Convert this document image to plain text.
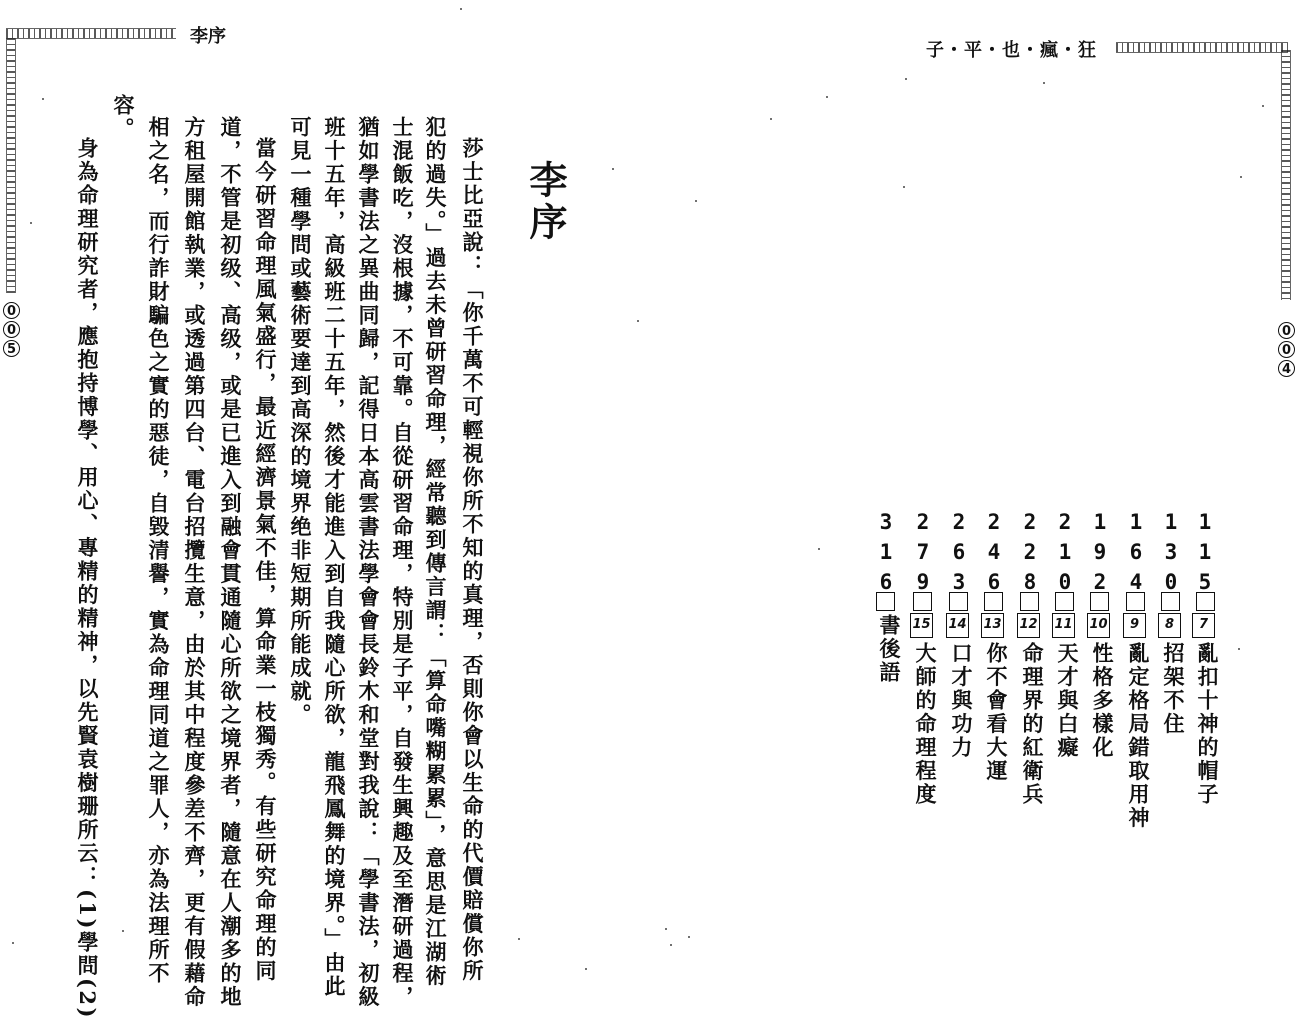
李序
0
0
5
李序
莎士比亞說：「你千萬不可輕視你所不知的真理，否則你會以生命的代價賠償你所
犯的過失。」過去未曾研習命理，經常聽到傳言謂：「算命嘴糊累累」，意思是江湖術
士混飯吃，沒根據，不可靠。自從研習命理，特別是子平，自發生興趣及至潛研過程，
猶如學書法之異曲同歸，記得日本高雲書法學會會長鈴木和堂對我說：「學書法，初級
班十五年，高級班二十五年，然後才能進入到自我隨心所欲，龍飛鳳舞的境界。」由此
可見一種學問或藝術要達到高深的境界绝非短期所能成就。
當今研習命理風氣盛行，最近經濟景氣不佳，算命業一枝獨秀。有些研究命理的同
道，不管是初级、高级，或是已進入到融會貫通隨心所欲之境界者，隨意在人潮多的地
方租屋開館執業，或透過第四台、電台招攬生意，由於其中程度參差不齊，更有假藉命
相之名，而行詐財騙色之實的惡徒，自毀清譽，實為命理同道之罪人，亦為法理所不
容。
身為命理研究者，應抱持博學、用心、專精的精神，以先賢袁樹珊所云：(1)學問(2)
子・平・也・瘋・狂
0
0
4
115
7
亂扣十神的帽子
130
8
招架不住
164
9
亂定格局錯取用神
192
10
性格多樣化
210
11
天才與白癡
228
12
命理界的紅衛兵
246
13
你不會看大運
263
14
口才與功力
279
15
大師的命理程度
316
書後語
